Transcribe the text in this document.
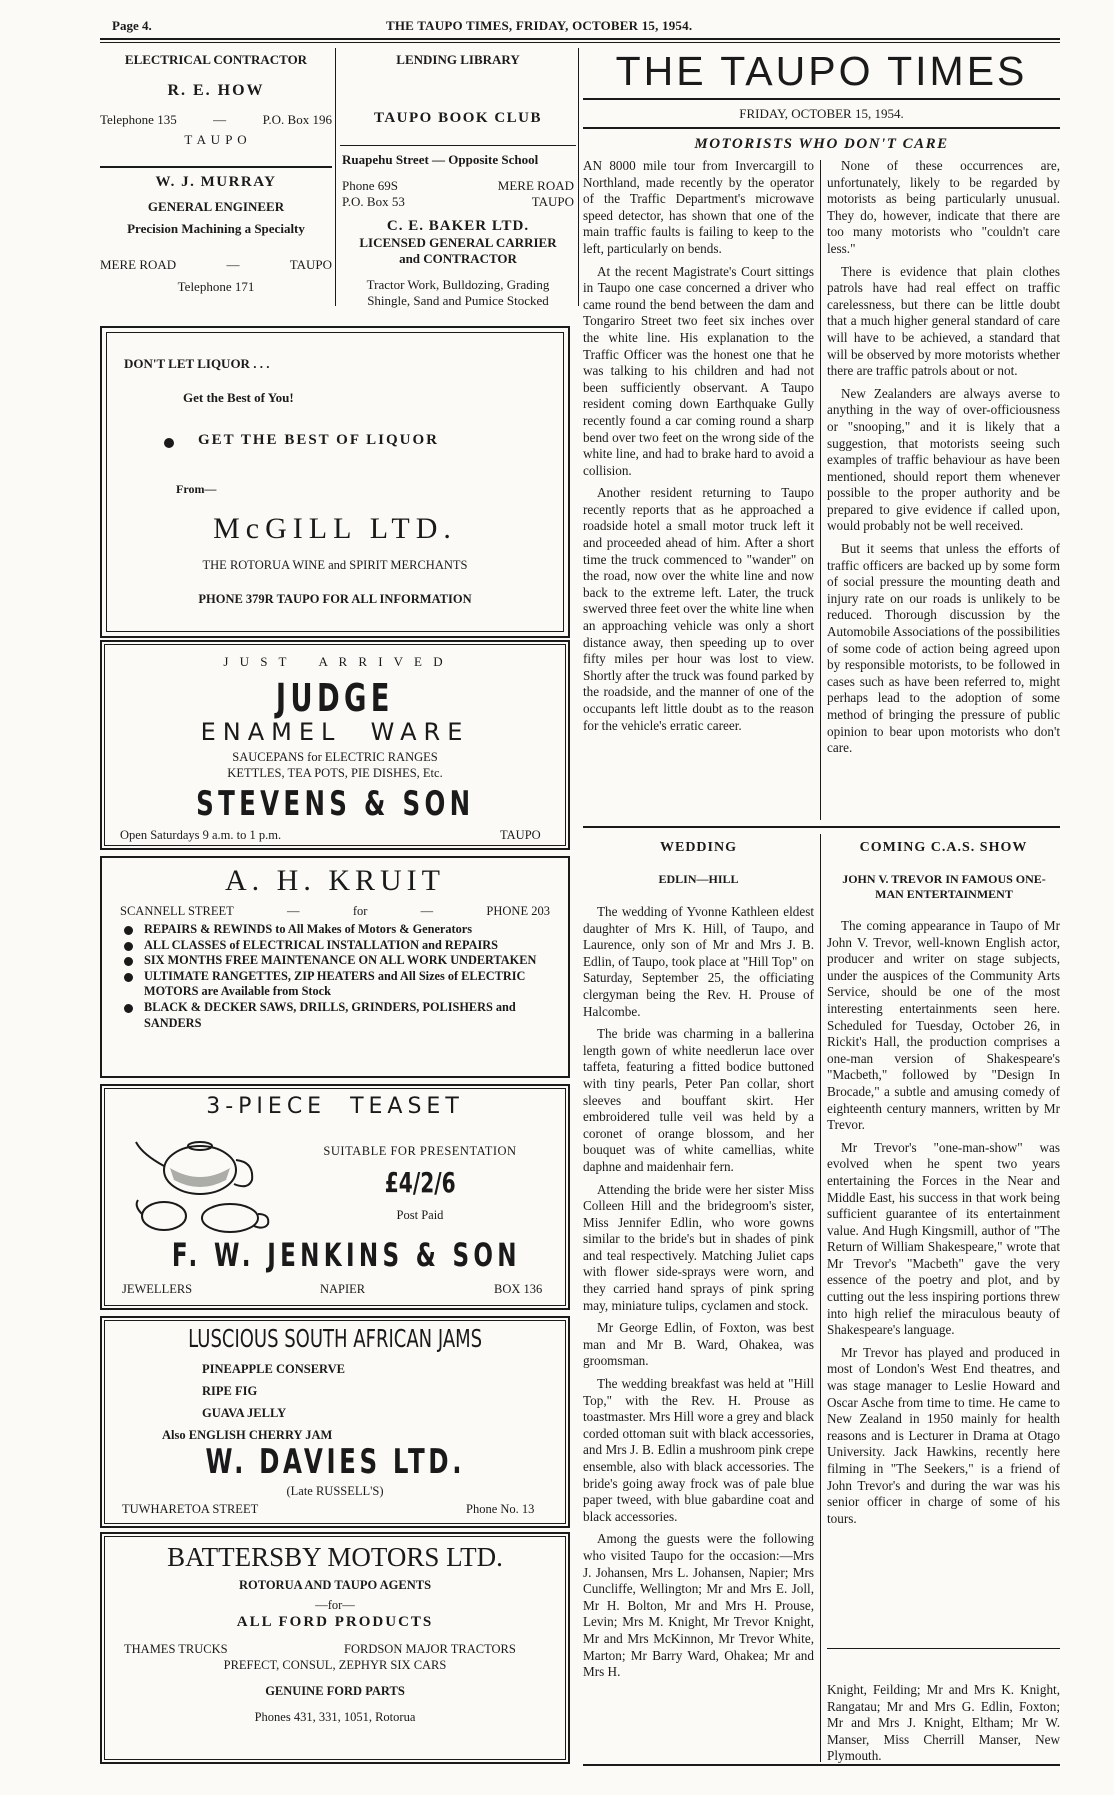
Page 4.	THE TAUPO TIMES, FRIDAY, OCTOBER 15, 1954.
ELECTRICAL CONTRACTOR
R. E. HOW
Telephone 135	—	P.O. Box 196
T A U P O
W. J. MURRAY
GENERAL ENGINEER
Precision Machining a Specialty
MERE ROAD	—	TAUPO
Telephone 171
LENDING LIBRARY
TAUPO BOOK CLUB
Ruapehu Street — Opposite School
Phone 69S	MERE ROAD
P.O. Box 53	TAUPO
C. E. BAKER LTD.
LICENSED GENERAL CARRIER
and CONTRACTOR
Tractor Work, Bulldozing, Grading
Shingle, Sand and Pumice Stocked
THE TAUPO TIMES
FRIDAY, OCTOBER 15, 1954.
MOTORISTS WHO DON'T CARE

AN 8000 mile tour from Invercargill to Northland, made recently by the operator of the Traffic Department's microwave speed detector, has shown that one of the main traffic faults is failing to keep to the left, particularly on bends.

At the recent Magistrate's Court sittings in Taupo one case concerned a driver who came round the bend between the dam and Tongariro Street two feet six inches over the white line. His explanation to the Traffic Officer was the honest one that he was talking to his children and had not been sufficiently observant. A Taupo resident coming down Earthquake Gully recently found a car coming round a sharp bend over two feet on the wrong side of the white line, and had to brake hard to avoid a collision.

Another resident returning to Taupo recently reports that as he approached a roadside hotel a small motor truck left it and proceeded ahead of him. After a short time the truck commenced to "wander" on the road, now over the white line and now back to the extreme left. Later, the truck swerved three feet over the white line when an approaching vehicle was only a short distance away, then speeding up to over fifty miles per hour was lost to view. Shortly after the truck was found parked by the roadside, and the manner of one of the occupants left little doubt as to the reason for the vehicle's erratic career.

None of these occurrences are, unfortunately, likely to be regarded by motorists as being particularly unusual. They do, however, indicate that there are too many motorists who "couldn't care less."

There is evidence that plain clothes patrols have had real effect on traffic carelessness, but there can be little doubt that a much higher general standard of care will have to be achieved, a standard that will be observed by more motorists whether there are traffic patrols about or not.

New Zealanders are always averse to anything in the way of over-officiousness or "snooping," and it is likely that a suggestion, that motorists seeing such examples of traffic behaviour as have been mentioned, should report them whenever possible to the proper authority and be prepared to give evidence if called upon, would probably not be well received.

But it seems that unless the efforts of traffic officers are backed up by some form of social pressure the mounting death and injury rate on our roads is unlikely to be reduced. Thorough discussion by the Automobile Associations of the possibilities of some code of action being agreed upon by responsible motorists, to be followed in cases such as have been referred to, might perhaps lead to the adoption of some method of bringing the pressure of public opinion to bear upon motorists who don't care.

WEDDING
EDLIN—HILL

The wedding of Yvonne Kathleen eldest daughter of Mrs K. Hill, of Taupo, and Laurence, only son of Mr and Mrs J. B. Edlin, of Taupo, took place at "Hill Top" on Saturday, September 25, the officiating clergyman being the Rev. H. Prouse of Halcombe.

The bride was charming in a ballerina length gown of white needlerun lace over taffeta, featuring a fitted bodice buttoned with tiny pearls, Peter Pan collar, short sleeves and bouffant skirt. Her embroidered tulle veil was held by a coronet of orange blossom, and her bouquet was of white camellias, white daphne and maidenhair fern.

Attending the bride were her sister Miss Colleen Hill and the bridegroom's sister, Miss Jennifer Edlin, who wore gowns similar to the bride's but in shades of pink and teal respectively. Matching Juliet caps with flower side-sprays were worn, and they carried hand sprays of pink spring may, miniature tulips, cyclamen and stock.

Mr George Edlin, of Foxton, was best man and Mr B. Ward, Ohakea, was groomsman.

The wedding breakfast was held at "Hill Top," with the Rev. H. Prouse as toastmaster. Mrs Hill wore a grey and black corded ottoman suit with black accessories, and Mrs J. B. Edlin a mushroom pink crepe ensemble, also with black accessories. The bride's going away frock was of pale blue paper tweed, with blue gabardine coat and black accessories.

Among the guests were the following who visited Taupo for the occasion:—Mrs J. Johansen, Mrs L. Johansen, Napier; Mrs Cuncliffe, Wellington; Mr and Mrs E. Joll, Mr H. Bolton, Mr and Mrs H. Prouse, Levin; Mrs M. Knight, Mr Trevor Knight, Mr and Mrs McKinnon, Mr Trevor White, Marton; Mr Barry Ward, Ohakea; Mr and Mrs H.

COMING C.A.S. SHOW
JOHN V. TREVOR IN FAMOUS ONE-MAN ENTERTAINMENT

The coming appearance in Taupo of Mr John V. Trevor, well-known English actor, producer and writer on stage subjects, under the auspices of the Community Arts Service, should be one of the most interesting entertainments seen here. Scheduled for Tuesday, October 26, in Rickit's Hall, the production comprises a one-man version of Shakespeare's "Macbeth," followed by "Design In Brocade," a subtle and amusing comedy of eighteenth century manners, written by Mr Trevor.

Mr Trevor's "one-man-show" was evolved when he spent two years entertaining the Forces in the Near and Middle East, his success in that work being sufficient guarantee of its entertainment value. And Hugh Kingsmill, author of "The Return of William Shakespeare," wrote that Mr Trevor's "Macbeth" gave the very essence of the poetry and plot, and by cutting out the less inspiring portions threw into high relief the miraculous beauty of Shakespeare's language.

Mr Trevor has played and produced in most of London's West End theatres, and was stage manager to Leslie Howard and Oscar Asche from time to time. He came to New Zealand in 1950 mainly for health reasons and is Lecturer in Drama at Otago University. Jack Hawkins, recently here filming in "The Seekers," is a friend of John Trevor's and during the war was his senior officer in charge of some of his tours.

Knight, Feilding; Mr and Mrs K. Knight, Rangatau; Mr and Mrs G. Edlin, Foxton; Mr and Mrs J. Knight, Eltham; Mr W. Manser, Miss Cherrill Manser, New Plymouth.

DON'T LET LIQUOR . . .
Get the Best of You!
GET THE BEST OF LIQUOR
From—
McGILL LTD.
THE ROTORUA WINE and SPIRIT MERCHANTS
PHONE 379R TAUPO FOR ALL INFORMATION
J U S T    A R R I V E D
JUDGE
ENAMEL  WARE
SAUCEPANS for ELECTRIC RANGES
KETTLES, TEA POTS, PIE DISHES, Etc.
STEVENS & SON
Open Saturdays 9 a.m. to 1 p.m.	TAUPO
A. H. KRUIT
SCANNELL STREET	—	for	—	PHONE 203
REPAIRS & REWINDS to All Makes of Motors & Generators
ALL CLASSES of ELECTRICAL INSTALLATION and REPAIRS
SIX MONTHS FREE MAINTENANCE ON ALL WORK UNDERTAKEN
ULTIMATE RANGETTES, ZIP HEATERS and All Sizes of ELECTRIC MOTORS are Available from Stock
BLACK & DECKER SAWS, DRILLS, GRINDERS, POLISHERS and SANDERS
3-PIECE  TEASET
SUITABLE FOR PRESENTATION
£4/2/6
Post Paid
F. W. JENKINS & SON
JEWELLERS	NAPIER	BOX 136
LUSCIOUS SOUTH AFRICAN JAMS
PINEAPPLE CONSERVE
RIPE FIG
GUAVA JELLY
Also ENGLISH CHERRY JAM
W. DAVIES LTD.
(Late RUSSELL'S)
TUWHARETOA STREET	Phone No. 13
BATTERSBY MOTORS LTD.
ROTORUA AND TAUPO AGENTS
—for—
ALL FORD PRODUCTS
THAMES TRUCKS	FORDSON MAJOR TRACTORS
PREFECT, CONSUL, ZEPHYR SIX CARS
GENUINE FORD PARTS
Phones 431, 331, 1051, Rotorua
